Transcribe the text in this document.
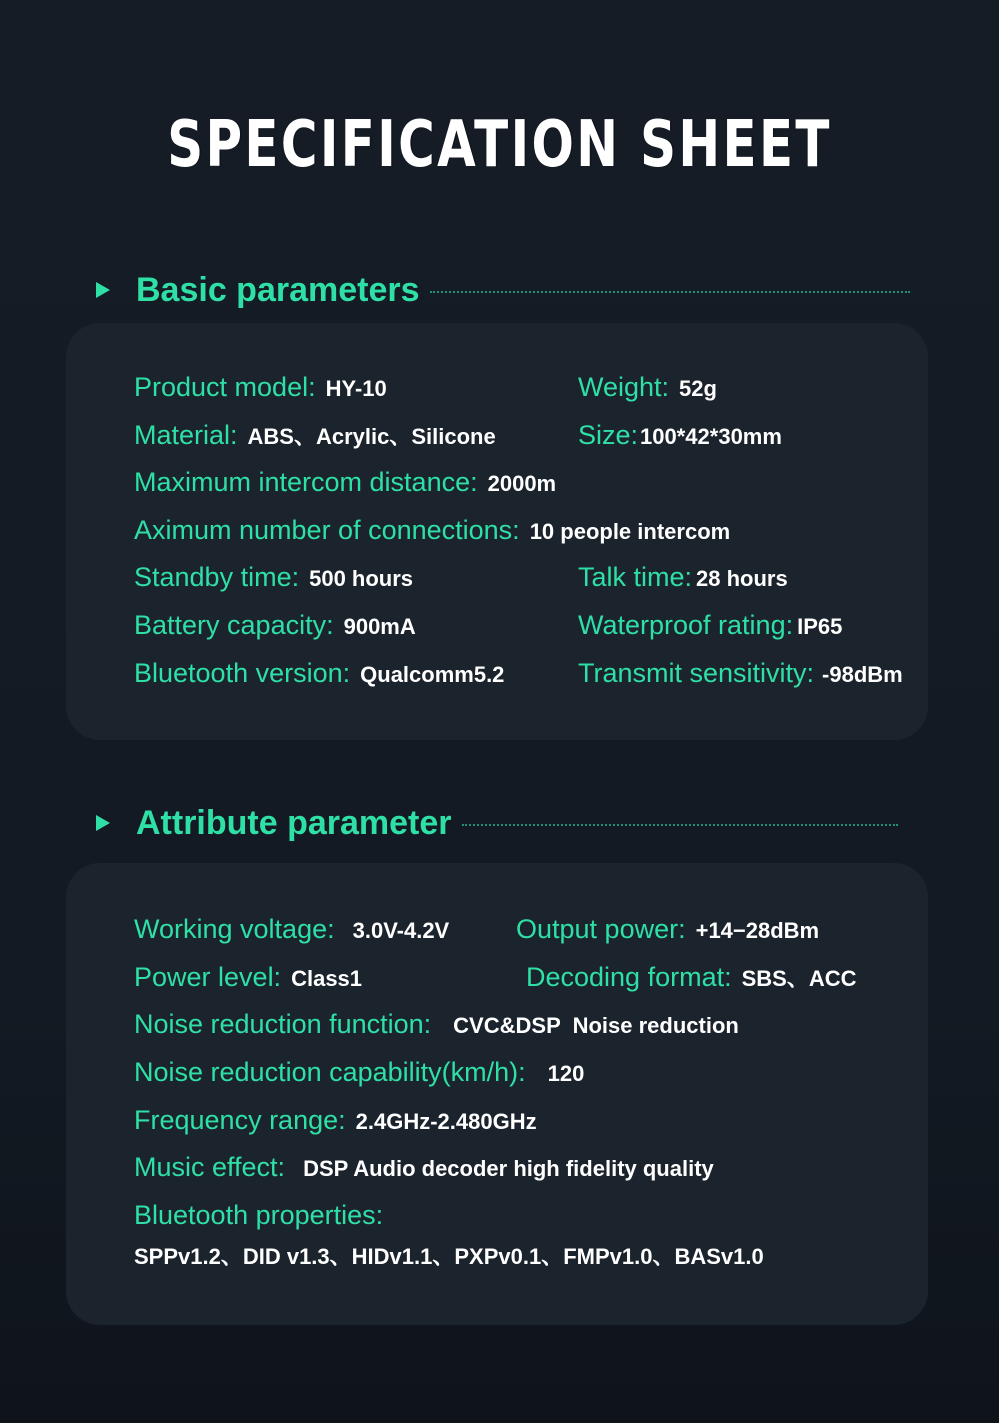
SPECIFICATION SHEET
Basic parameters
Product model: HY-10	Weight: 52g
Material: ABS、Acrylic、Silicone	Size: 100*42*30mm
Maximum intercom distance: 2000m
Aximum number of connections: 10 people intercom
Standby time: 500 hours	Talk time: 28 hours
Battery capacity: 900mA	Waterproof rating: IP65
Bluetooth version: Qualcomm5.2	Transmit sensitivity: -98dBm
Attribute parameter
Working voltage: 3.0V-4.2V Output power: +14−28dBm
Power level: Class1	Decoding format: SBS、ACC
Noise reduction function: CVC&DSP  Noise reduction
Noise reduction capability(km/h): 120
Frequency range: 2.4GHz-2.480GHz
Music effect: DSP Audio decoder high fidelity quality
Bluetooth properties:
SPPv1.2、DID v1.3、HIDv1.1、PXPv0.1、FMPv1.0、BASv1.0
